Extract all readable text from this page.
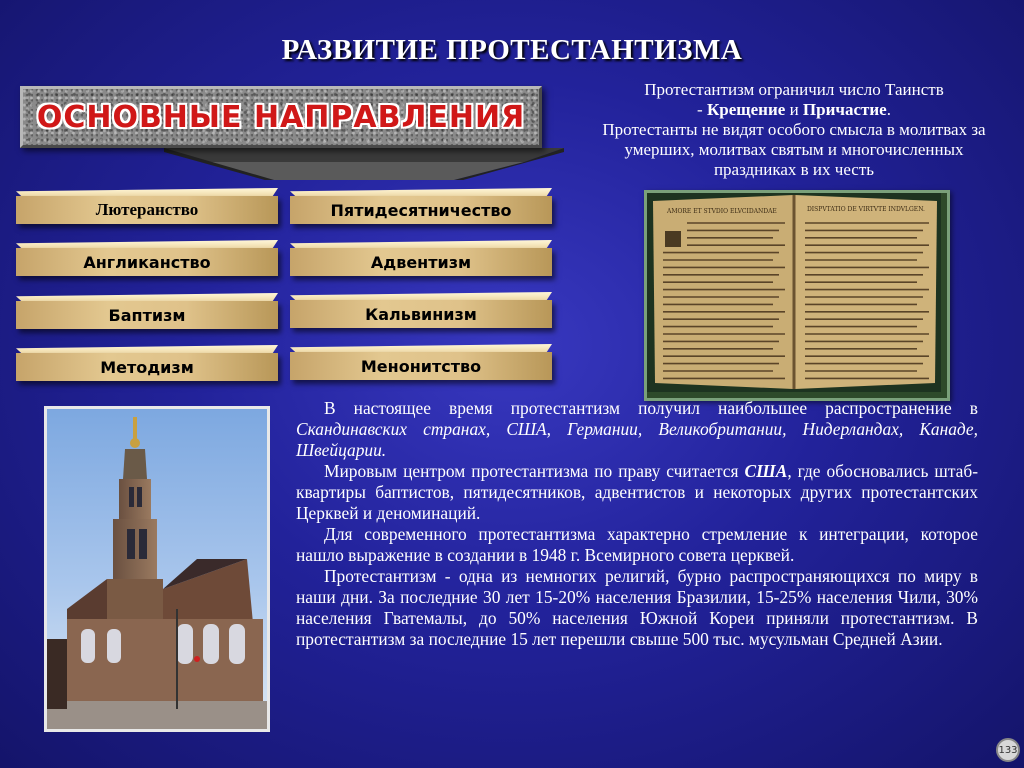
РАЗВИТИЕ ПРОТЕСТАНТИЗМА
ОСНОВНЫЕ НАПРАВЛЕНИЯ
Лютеранство
Англиканство
Баптизм
Методизм
Пятидесятничество
Адвентизм
Кальвинизм
Менонитство
Протестантизм ограничил число Таинств
- Крещение и Причастие.
Протестанты не видят особого смысла в молитвах за умерших, молитвах святым и многочисленных праздниках в их честь
AMORE ET STVDIO ELVCIDANDAE	DISPVTATIO DE VIRTVTE INDVLGEN.

В настоящее время протестантизм получил наибольшее распространение в Скандинавских странах, США, Германии, Великобритании, Нидерландах, Канаде, Швейцарии.

Мировым центром протестантизма по праву считается США, где обосновались штаб-квартиры баптистов, пятидесятников, адвентистов и некоторых других протестантских Церквей и деноминаций.

Для современного протестантизма характерно стремление к интеграции, которое нашло выражение в создании в 1948 г. Всемирного совета церквей.

Протестантизм - одна из немногих религий, бурно распространяющихся по миру в наши дни. За последние 30 лет 15-20% населения Бразилии, 15-25% населения Чили, 30% населения Гватемалы, до 50% населения Южной Кореи приняли протестантизм. В протестантизм за последние 15 лет перешли свыше 500 тыс. мусульман Средней Азии.

133
